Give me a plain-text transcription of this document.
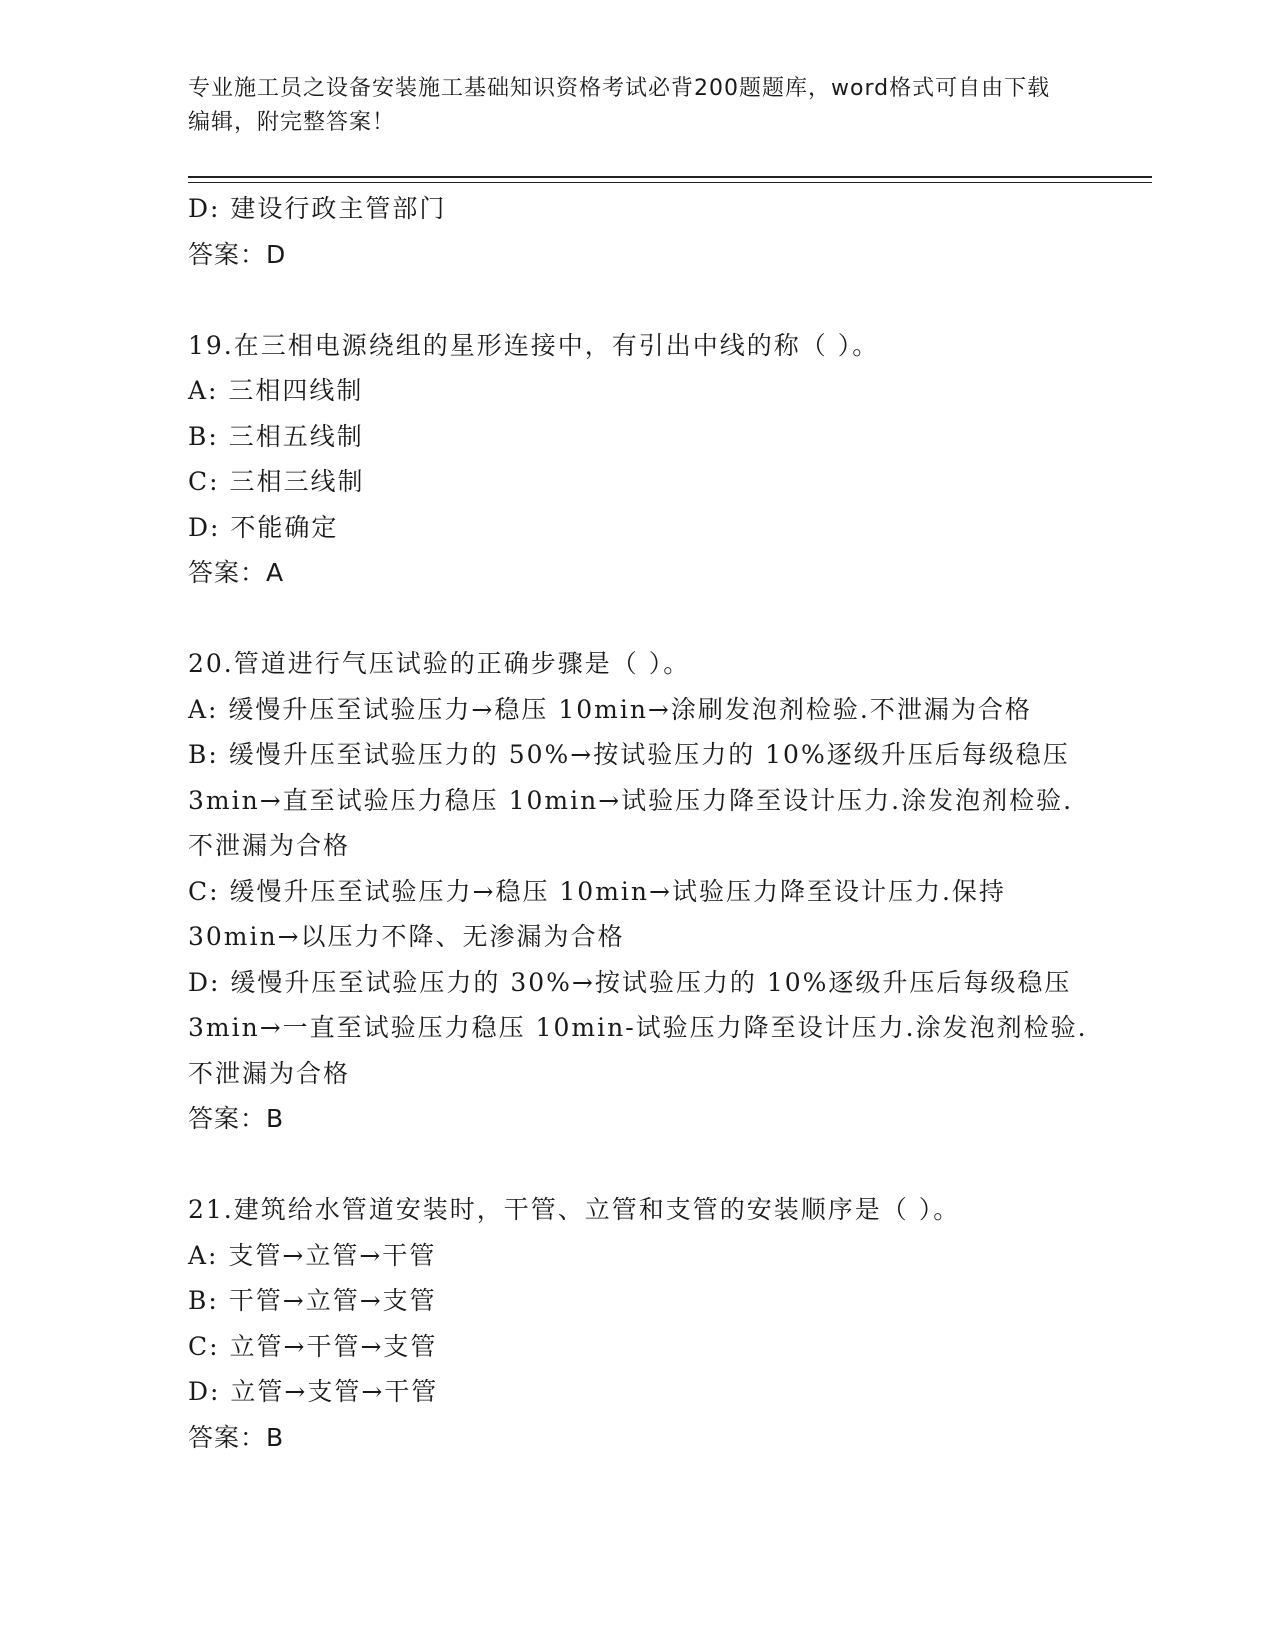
专业施工员之设备安装施工基础知识资格考试必背200题题库，word格式可自由下载编辑，附完整答案！
D: 建设行政主管部门
答案：D
19.在三相电源绕组的星形连接中，有引出中线的称（ ）。
A: 三相四线制
B: 三相五线制
C: 三相三线制
D: 不能确定
答案：A
20.管道进行气压试验的正确步骤是（ ）。
A: 缓慢升压至试验压力→稳压 10min→涂刷发泡剂检验.不泄漏为合格
B: 缓慢升压至试验压力的 50%→按试验压力的 10%逐级升压后每级稳压 3min→直至试验压力稳压 10min→试验压力降至设计压力.涂发泡剂检验.不泄漏为合格
C: 缓慢升压至试验压力→稳压 10min→试验压力降至设计压力.保持 30min→以压力不降、无渗漏为合格
D: 缓慢升压至试验压力的 30%→按试验压力的 10%逐级升压后每级稳压 3min→一直至试验压力稳压 10min-试验压力降至设计压力.涂发泡剂检验.不泄漏为合格
答案：B
21.建筑给水管道安装时，干管、立管和支管的安装顺序是（ ）。
A: 支管→立管→干管
B: 干管→立管→支管
C: 立管→干管→支管
D: 立管→支管→干管
答案：B
